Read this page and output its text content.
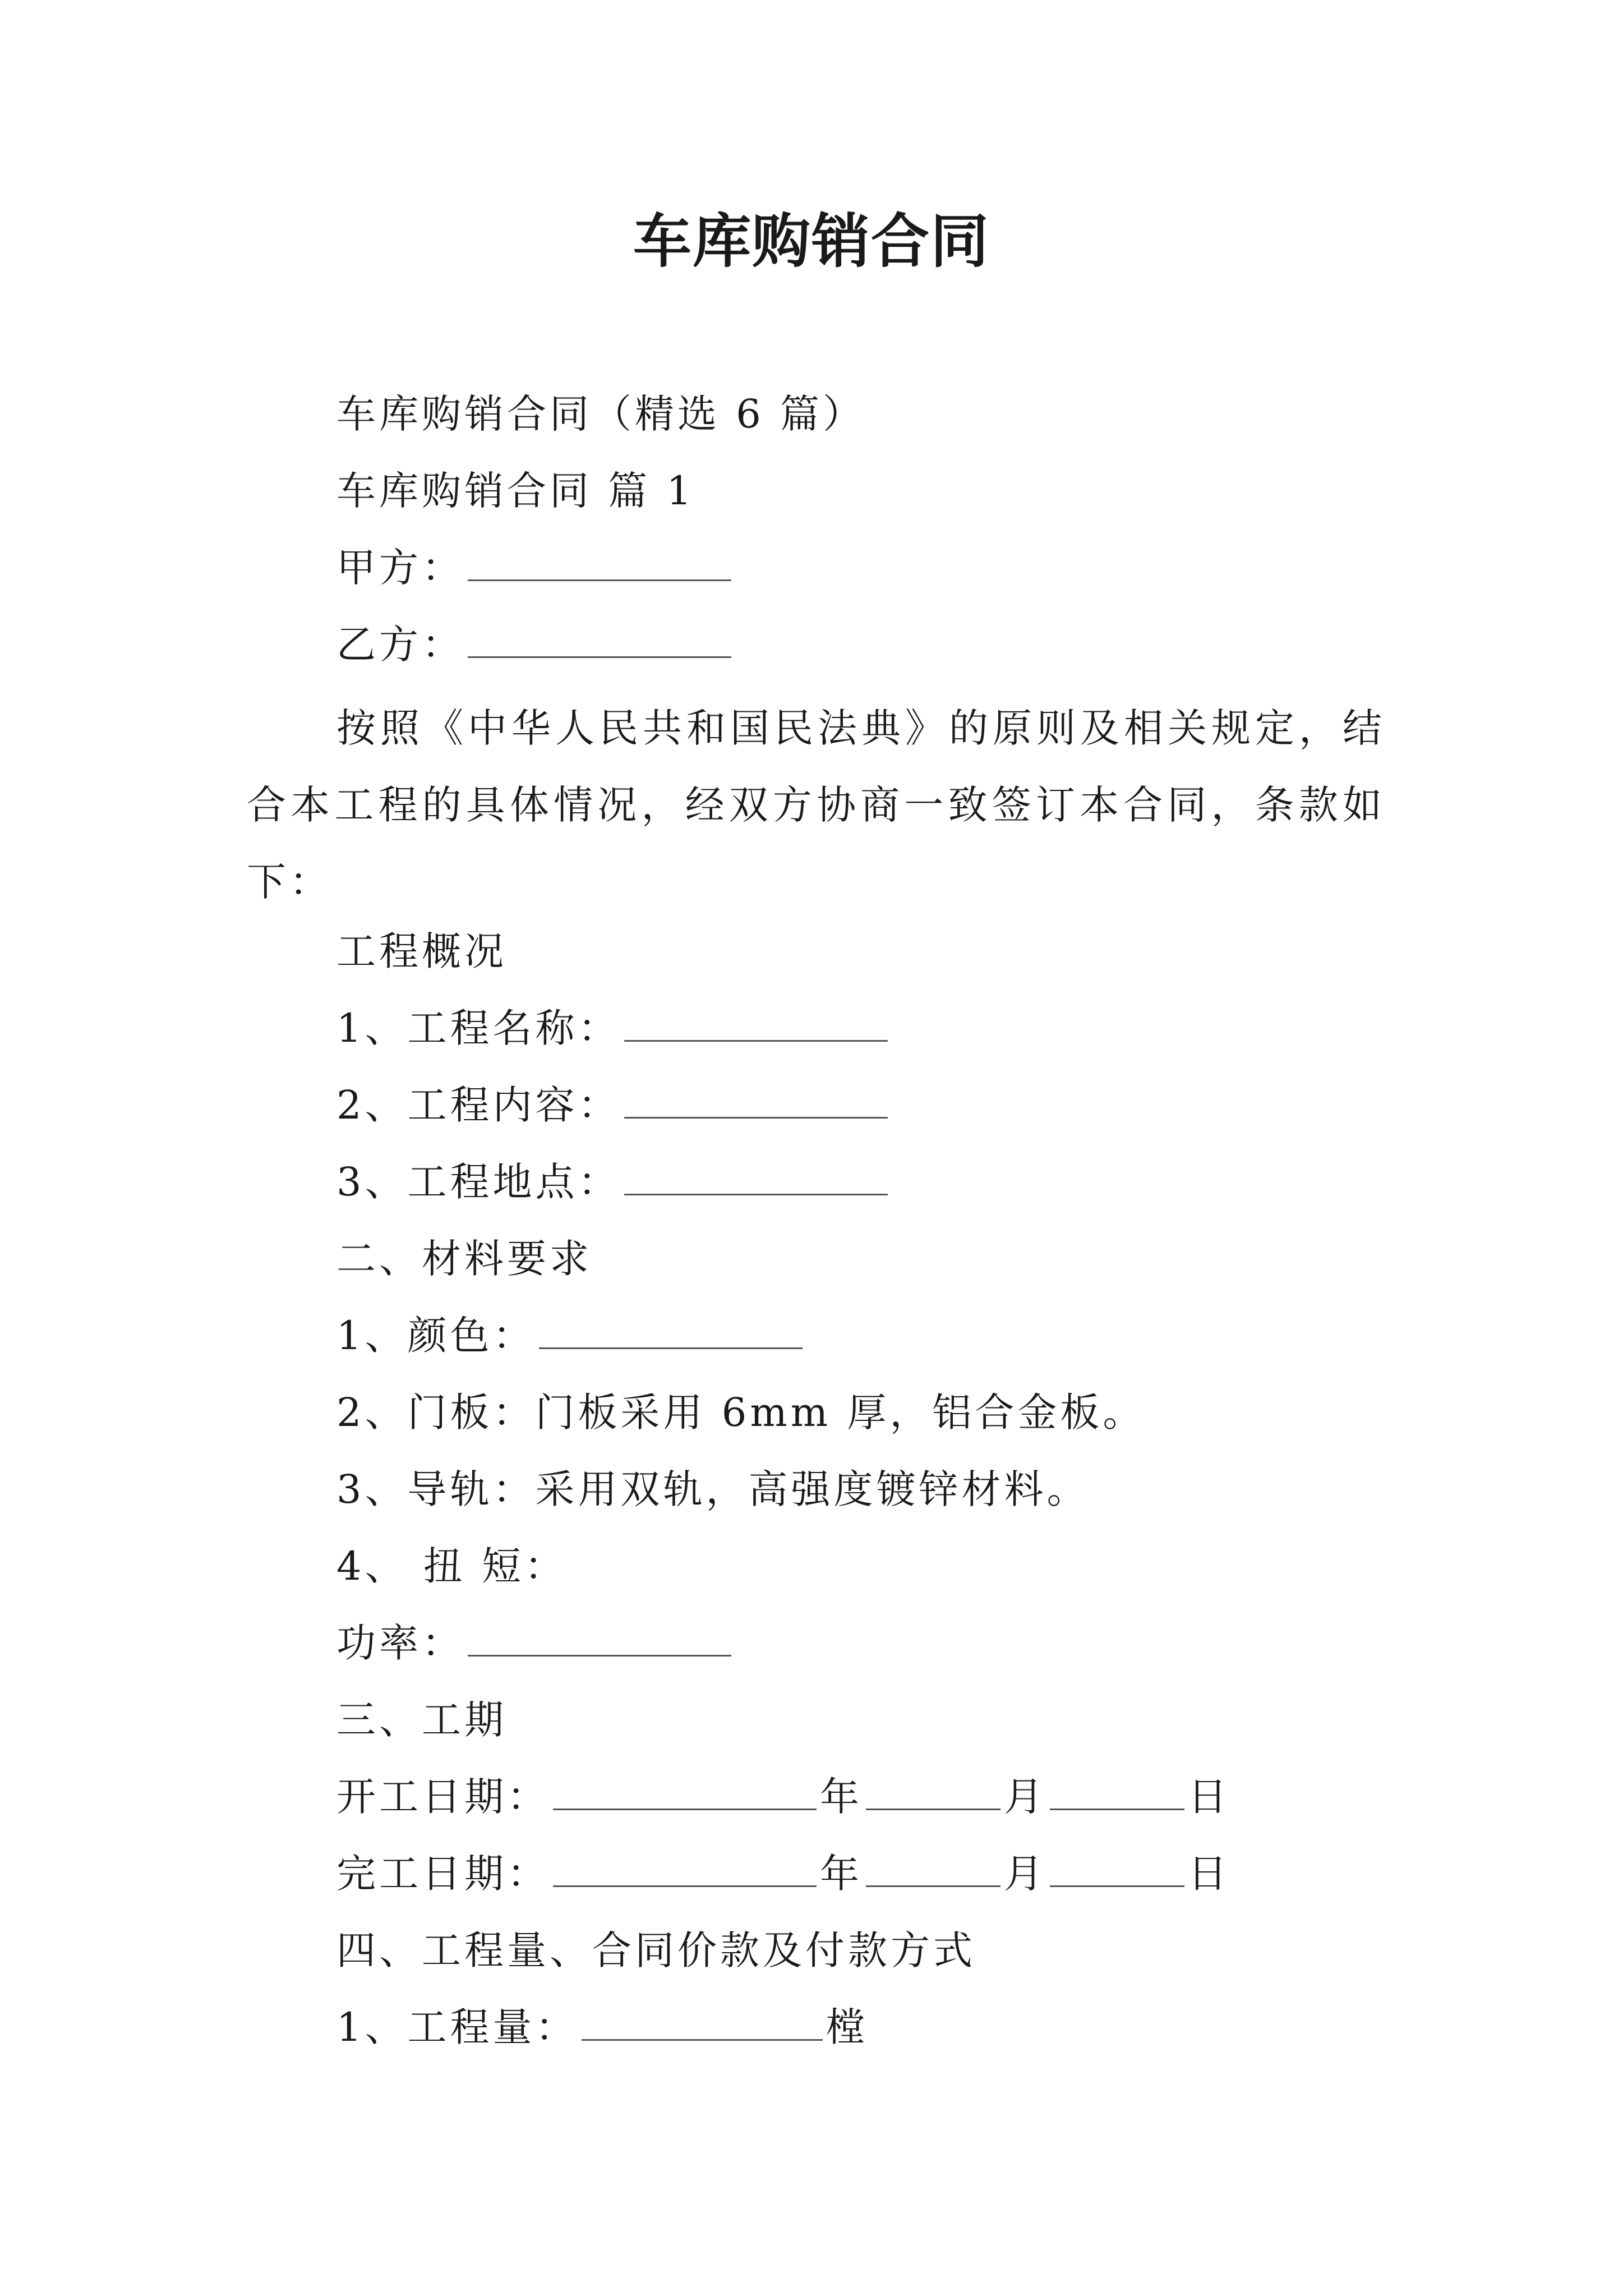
车库购销合同
车库购销合同（精选 6 篇）
车库购销合同 篇 1
甲方：
乙方：
按照《中华人民共和国民法典》的原则及相关规定，结合本工程的具体情况，经双方协商一致签订本合同，条款如下：
工程概况
1、工程名称：
2、工程内容：
3、工程地点：
二、材料要求
1、颜色：
2、门板：门板采用 6mm 厚，铝合金板。
3、导轨：采用双轨，高强度镀锌材料。
4、 扭 短：
功率：
三、工期
开工日期：	年	月	日
完工日期：	年	月	日
四、工程量、合同价款及付款方式
1、工程量：	樘
